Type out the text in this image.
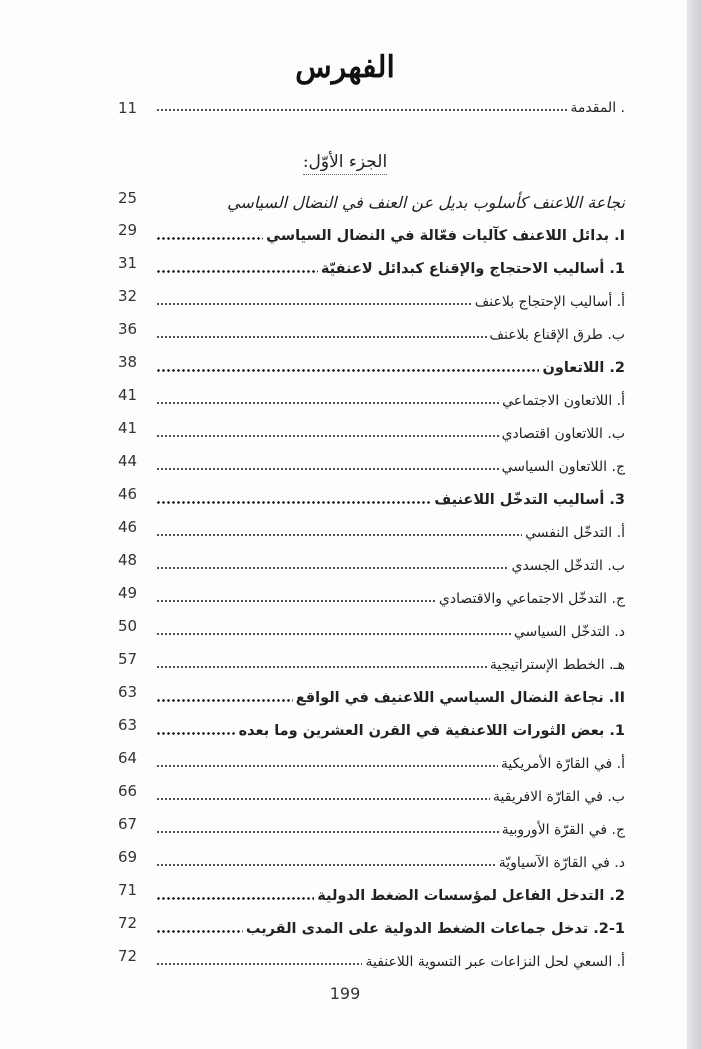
الفهرس
. المقدمة
11
الجزء الأوّل:
نجاعة اللاعنف كأسلوب بديل عن العنف في النضال السياسي
25
I. بدائل اللاعنف كآليات فعّالة في النضال السياسي
29
1. أساليب الاحتجاج والإقناع كبدائل لاعنفيّة
31
أ. أساليب الإحتجاج بلاعنف
32
ب. طرق الإقناع بلاعنف
36
2. اللاتعاون
38
أ. اللاتعاون الاجتماعي
41
ب. اللاتعاون اقتصادي
41
ج. اللاتعاون السياسي
44
3. أساليب التدخّل اللاعنيف
46
أ. التدخّل النفسي
46
ب. التدخّل الجسدي
48
ج. التدخّل الاجتماعي والاقتصادي
49
د. التدخّل السياسي
50
هـ. الخطط الإستراتيجية
57
II. نجاعة النضال السياسي اللاعنيف في الواقع
63
1. بعض الثورات اللاعنفية في القرن العشرين وما بعده
63
أ. في القارّة الأمريكية
64
ب. في القارّة الافريقية
66
ج. في القرّة الأوروبية
67
د. في القارّة الآسياويّة
69
2. التدخل الفاعل لمؤسسات الضغط الدولية
71
2-1. تدخل جماعات الضغط الدولية على المدى القريب
72
أ. السعي لحل النزاعات عبر التسوية اللاعنفية
72
199
